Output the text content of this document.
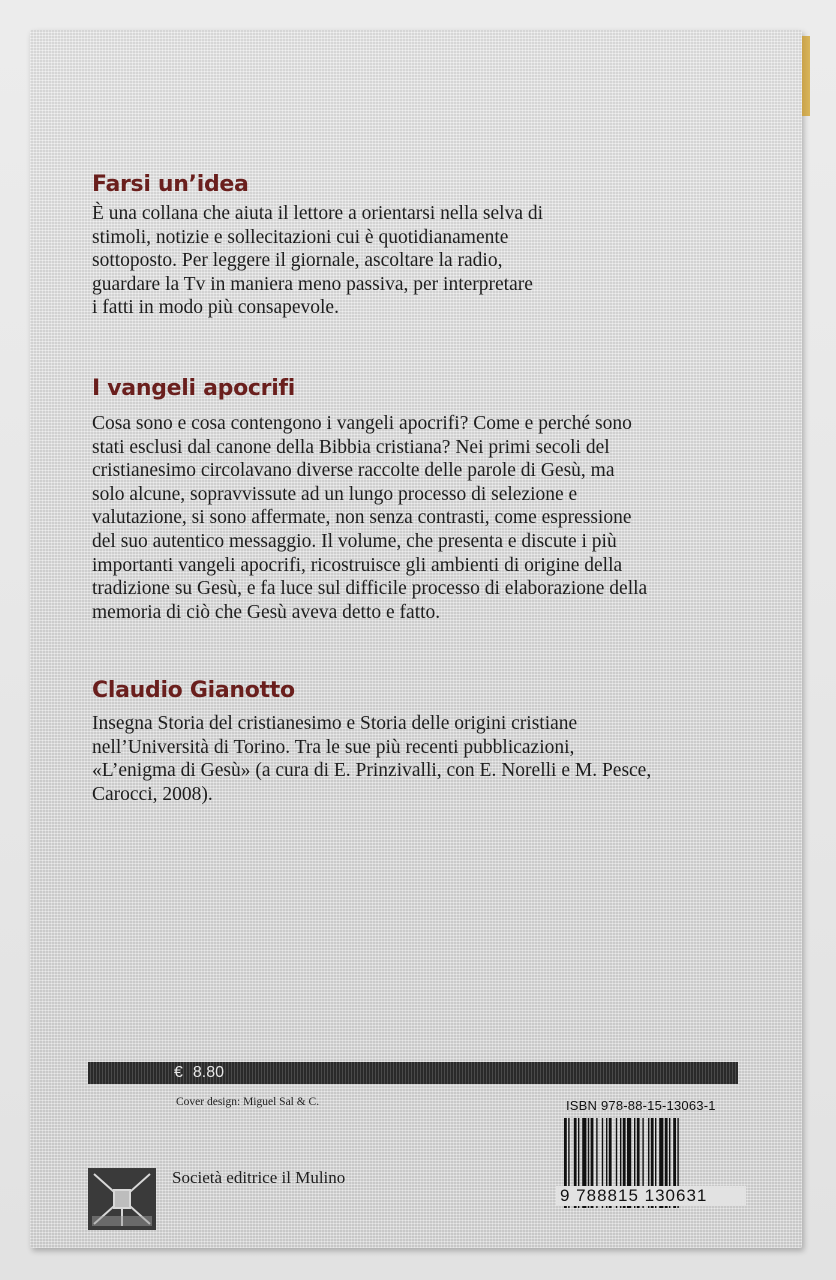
Farsi un’idea
È una collana che aiuta il lettore a orientarsi nella selva di
stimoli, notizie e sollecitazioni cui è quotidianamente
sottoposto. Per leggere il giornale, ascoltare la radio,
guardare la Tv in maniera meno passiva, per interpretare
i fatti in modo più consapevole.
I vangeli apocrifi
Cosa sono e cosa contengono i vangeli apocrifi? Come e perché sono
stati esclusi dal canone della Bibbia cristiana? Nei primi secoli del
cristianesimo circolavano diverse raccolte delle parole di Gesù, ma
solo alcune, sopravvissute ad un lungo processo di selezione e
valutazione, si sono affermate, non senza contrasti, come espressione
del suo autentico messaggio. Il volume, che presenta e discute i più
importanti vangeli apocrifi, ricostruisce gli ambienti di origine della
tradizione su Gesù, e fa luce sul difficile processo di elaborazione della
memoria di ciò che Gesù aveva detto e fatto.
Claudio Gianotto
Insegna Storia del cristianesimo e Storia delle origini cristiane
nell’Università di Torino. Tra le sue più recenti pubblicazioni,
«L’enigma di Gesù» (a cura di E. Prinzivalli, con E. Norelli e M. Pesce,
Carocci, 2008).
€ 8.80
Cover design: Miguel Sal & C.	ISBN 978-88-15-13063-1
9 788815 130631
Società editrice il Mulino
